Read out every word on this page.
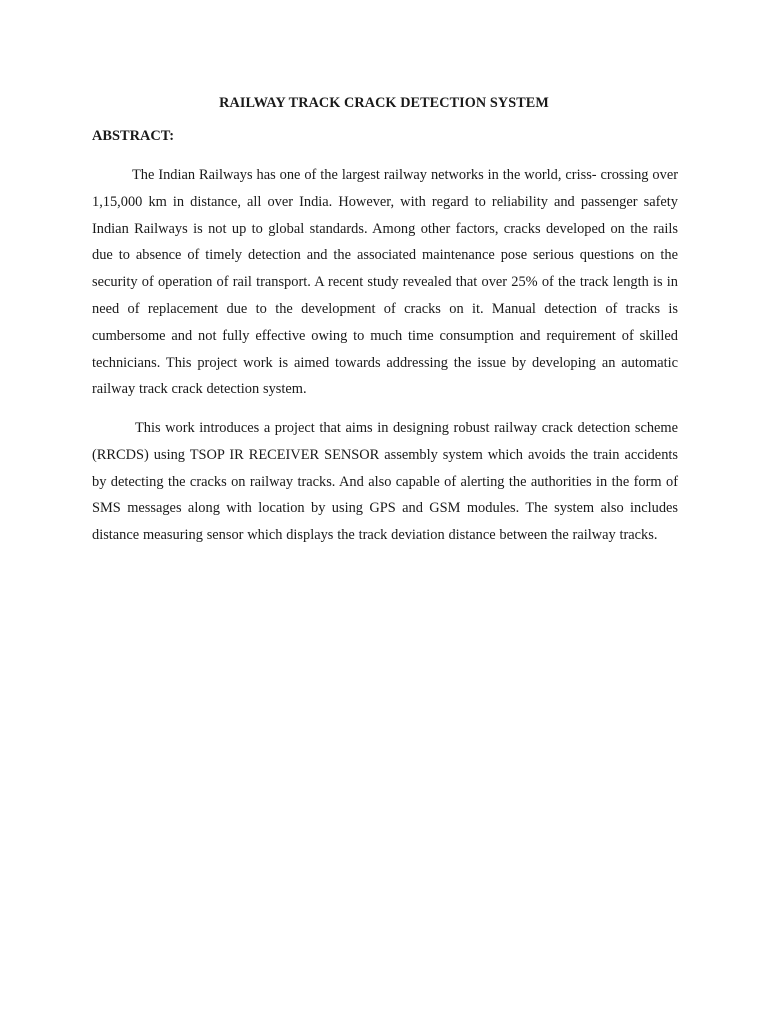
RAILWAY TRACK CRACK DETECTION SYSTEM
ABSTRACT:

The Indian Railways has one of the largest railway networks in the world, criss- crossing over 1,15,000 km in distance, all over India. However, with regard to reliability and passenger safety Indian Railways is not up to global standards. Among other factors, cracks developed on the rails due to absence of timely detection and the associated maintenance pose serious questions on the security of operation of rail transport. A recent study revealed that over 25% of the track length is in need of replacement due to the development of cracks on it. Manual detection of tracks is cumbersome and not fully effective owing to much time consumption and requirement of skilled technicians. This project work is aimed towards addressing the issue by developing an automatic railway track crack detection system.

This work introduces a project that aims in designing robust railway crack detection scheme (RRCDS) using TSOP IR RECEIVER SENSOR assembly system which avoids the train accidents by detecting the cracks on railway tracks. And also capable of alerting the authorities in the form of SMS messages along with location by using GPS and GSM modules. The system also includes distance measuring sensor which displays the track deviation distance between the railway tracks.
